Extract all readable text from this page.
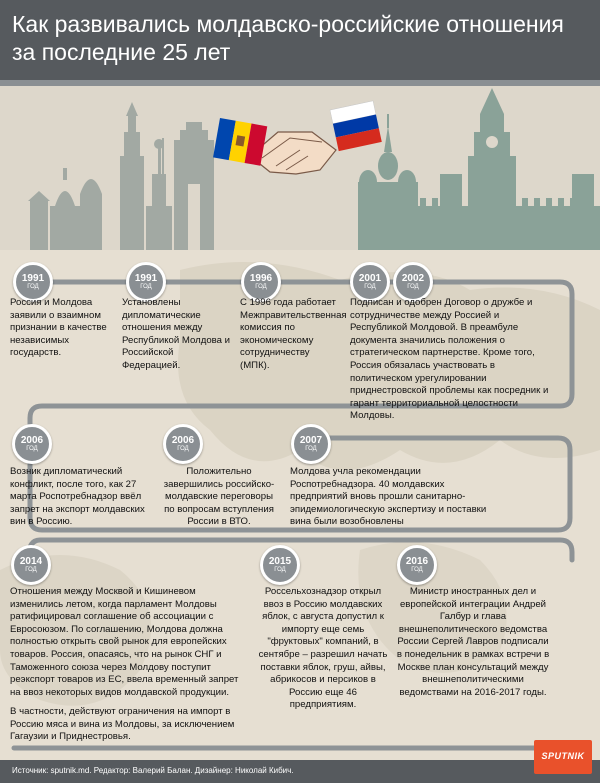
Как развивались молдавско-российские отношения за последние 25 лет
1991
ГОД
1991
ГОД
1996
ГОД
2001
ГОД
2002
ГОД
2006
ГОД
2006
ГОД
2007
ГОД
2014
ГОД
2015
ГОД
2016
ГОД
Россия и Молдова заявили о взаимном признании в качестве независимых государств.
Установлены дипломатические отношения между Республикой Молдова и Российской Федерацией.
С 1996 года работает Межправительственная комиссия по экономическому сотрудничеству (МПК).
Подписан и одобрен Договор о дружбе и сотрудничестве между Россией и Республикой Молдовой. В преамбуле документа значились положения о стратегическом партнерстве. Кроме того, Россия обязалась участвовать в политическом урегулировании приднестровской проблемы как посредник и гарант территориальной целостности Молдовы.
Возник дипломатический конфликт, после того, как 27 марта Роспотребнадзор ввёл запрет на экспорт молдавских вин в Россию.
Положительно завершились российско-молдавские переговоры по вопросам вступления России в ВТО.
Молдова учла рекомендации Роспотребнадзора. 40 молдавских предприятий вновь прошли санитарно-эпидемиологическую экспертизу и поставки вина были возобновлены
Отношения между Москвой и Кишиневом изменились летом, когда парламент Молдовы ратифицировал соглашение об ассоциации с Евросоюзом. По соглашению, Молдова должна полностью открыть свой рынок для европейских товаров. Россия, опасаясь, что на рынок СНГ и Таможенного союза через Молдову поступит реэкспорт товаров из ЕС, ввела временный запрет на ввоз некоторых видов молдавской продукции.
В частности, действуют ограничения на импорт в Россию мяса и вина из Молдовы, за исключением Гагаузии и Приднестровья.
Россельхознадзор открыл ввоз в Россию молдавских яблок, с августа допустил к импорту еще семь "фруктовых" компаний, в сентябре – разрешил начать поставки яблок, груш, айвы, абрикосов и персиков в Россию еще 46 предприятиям.
Министр иностранных дел и европейской интеграции Андрей Галбур и глава внешнеполитического ведомства России Сергей Лавров подписали в понедельник в рамках встречи в Москве план консультаций между внешнеполитическими ведомствами на 2016-2017 годы.
Источник: sputnik.md. Редактор: Валерий Балан. Дизайнер: Николай Кибич.
SPUTNIK
